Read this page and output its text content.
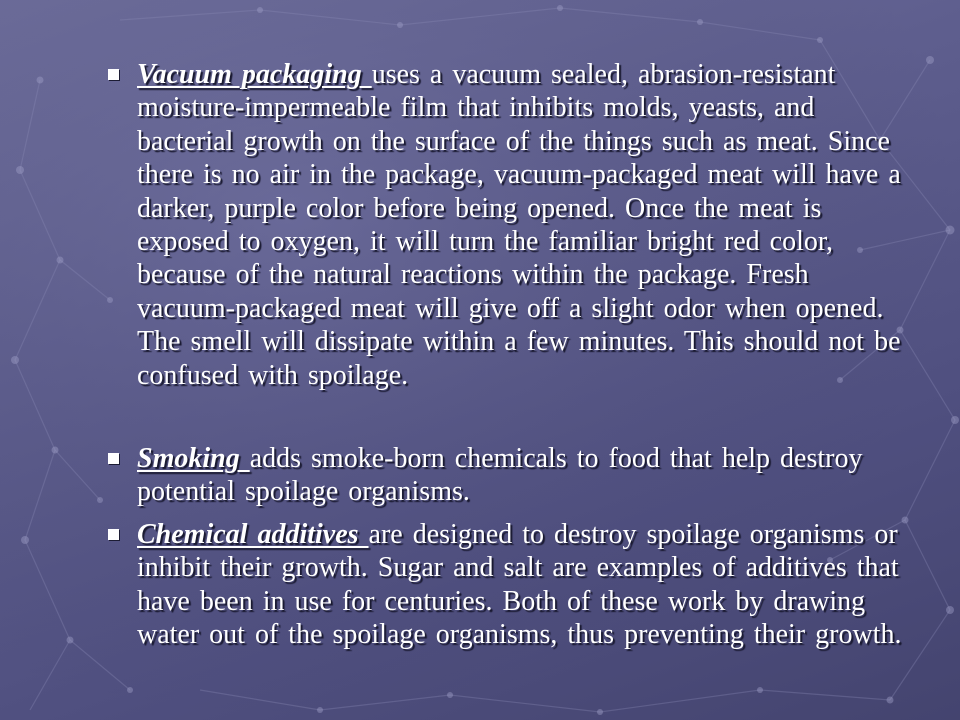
Vacuum packaging uses a vacuum sealed, abrasion-resistant moisture-impermeable film that inhibits molds, yeasts, and bacterial growth on the surface of the things such as meat. Since there is no air in the package, vacuum-packaged meat will have a darker, purple color before being opened. Once the meat is exposed to oxygen, it will turn the familiar bright red color, because of the natural reactions within the package. Fresh vacuum-packaged meat will give off a slight odor when opened. The smell will dissipate within a few minutes. This should not be confused with spoilage.

Smoking adds smoke-born chemicals to food that help destroy potential spoilage organisms.

Chemical additives are designed to destroy spoilage organisms or inhibit their growth. Sugar and salt are examples of additives that have been in use for centuries. Both of these work by drawing water out of the spoilage organisms, thus preventing their growth.
